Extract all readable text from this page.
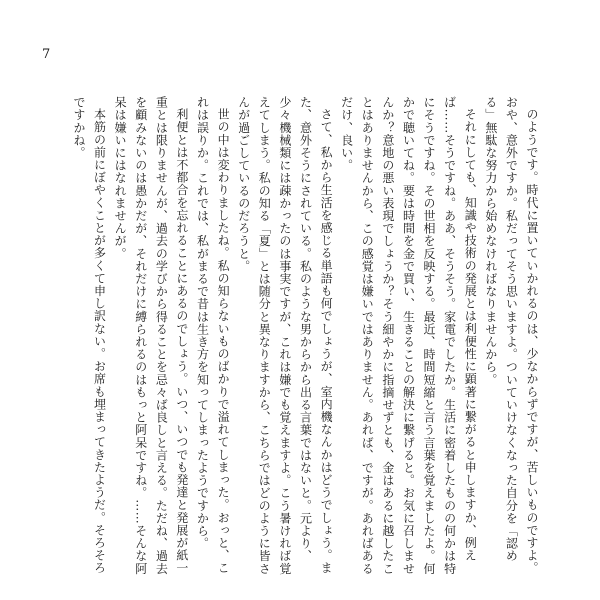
7

のようです。時代に置いていかれるのは、少なからずですが、苦しいものですよ。おや、意外ですか。私だってそう思いますよ。ついていけなくなった自分を「認める」無駄な努力から始めなければなりませんから。

それにしても、知識や技術の発展とは利便性に顕著に繋がると申しますか、例えば……そうですね。ああ、そうそう。家電でしたか。生活に密着したものの何かは特にそうですね。その世相を反映する。最近、時間短縮と言う言葉を覚えましたよ。何かで聴いてね。要は時間を金で買い、生きることの解決に繋げると。お気に召しませんか？意地の悪い表現でしょうか？そう細やかに指摘せずとも、金はあるに越したことはありませんから、この感覚は嫌いではありません。あれば、ですが。あればあるだけ、良い。

さて、私から生活を感じる単語も何でしょうが、室内機なんかはどうでしょう。また、意外そうにされている。私のような男からから出る言葉ではないと。元より、少々機械類には疎かったのは事実ですが、これは嫌でも覚えますよ。こう暑ければ覚えてしまう。私の知る「夏」とは随分と異なりますから、こちらではどのように皆さんが過ごしているのだろうと。

世の中は変わりましたね。私の知らないものばかりで溢れてしまった。おっと、これは誤りか。これでは、私がまるで昔は生き方を知ってしまったようですから。

利便とは不都合を忘れることにあるのでしょう。いつ、いつでも発達と発展が紙一重とは限りませんが、過去の学びから得ることを忌々ば良しと言える。ただね、過去を顧みないのは愚かだが、それだけに縛られるのはもっと阿呆ですね。……そんな阿呆は嫌いにはなれませんが。

本筋の前にぼやくことが多くて申し訳ない。お席も埋まってきたようだ。そろそろですかね。
